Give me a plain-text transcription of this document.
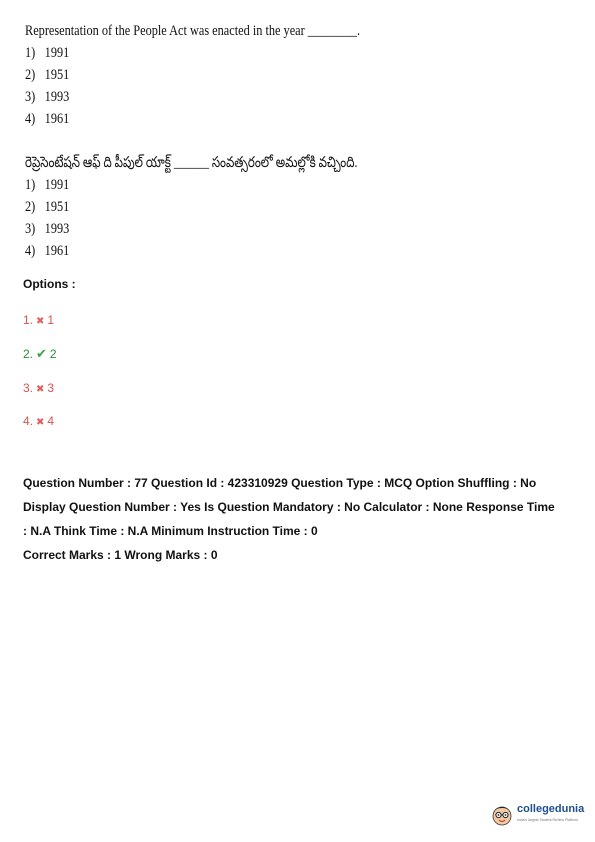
Representation of the People Act was enacted in the year ________.
1) 1991
2) 1951
3) 1993
4) 1961
రెప్రెసెంటేషన్ ఆఫ్ ది పీపుల్ యాక్ట్ ______ సంవత్సరంలో అమల్లోకి వచ్చింది.
1) 1991
2) 1951
3) 1993
4) 1961
Options :
1. ✖ 1
2. ✔ 2
3. ✖ 3
4. ✖ 4

Question Number : 77 Question Id : 423310929 Question Type : MCQ Option Shuffling : No

Display Question Number : Yes Is Question Mandatory : No Calculator : None Response Time

: N.A Think Time : N.A Minimum Instruction Time : 0

Correct Marks : 1 Wrong Marks : 0

collegedunia
India's largest Student Review Platform
